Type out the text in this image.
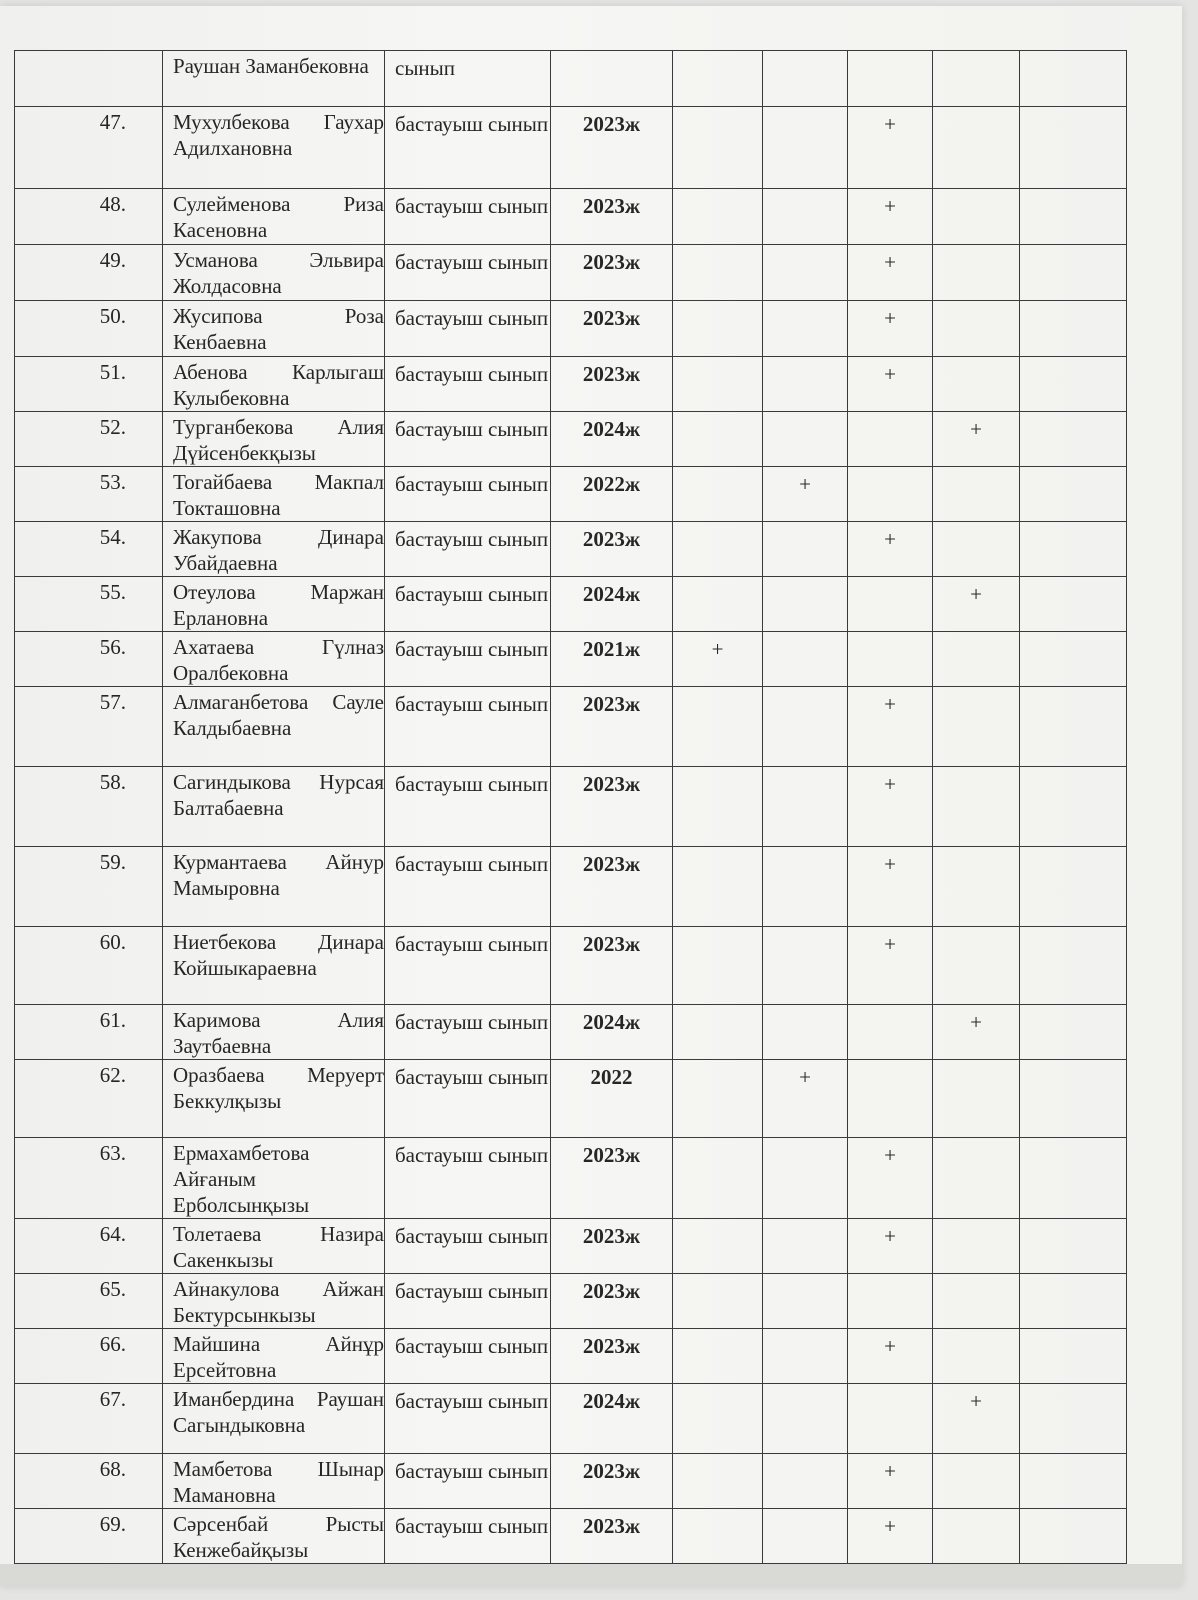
	Раушан Заманбековна	сынып						
47.	Мухулбекова Гаухар Адилхановна	бастауыш сынып	2023ж			+		
48.	Сулейменова Риза Касеновна	бастауыш сынып	2023ж			+		
49.	Усманова Эльвира Жолдасовна	бастауыш сынып	2023ж			+		
50.	Жусипова Роза Кенбаевна	бастауыш сынып	2023ж			+		
51.	Абенова Карлыгаш Кулыбековна	бастауыш сынып	2023ж			+		
52.	Турганбекова Алия Дүйсенбекқызы	бастауыш сынып	2024ж				+	
53.	Тогайбаева Макпал Токташовна	бастауыш сынып	2022ж		+			
54.	Жакупова Динара Убайдаевна	бастауыш сынып	2023ж			+		
55.	Отеулова Маржан Ерлановна	бастауыш сынып	2024ж				+	
56.	Ахатаева Гүлназ Оралбековна	бастауыш сынып	2021ж	+				
57.	Алмаганбетова Сауле Калдыбаевна	бастауыш сынып	2023ж			+		
58.	Сагиндыкова Нурсая Балтабаевна	бастауыш сынып	2023ж			+		
59.	Курмантаева Айнур Мамыровна	бастауыш сынып	2023ж			+		
60.	Ниетбекова Динара Койшыкараевна	бастауыш сынып	2023ж			+		
61.	Каримова Алия Заутбаевна	бастауыш сынып	2024ж				+	
62.	Оразбаева Меруерт Беккулқызы	бастауыш сынып	2022		+			
63.	Ермахамбетова Айғаным Ерболсынқызы	бастауыш сынып	2023ж			+		
64.	Толетаева Назира Сакенкызы	бастауыш сынып	2023ж			+		
65.	Айнакулова Айжан Бектурсынкызы	бастауыш сынып	2023ж					
66.	Майшина Айнұр Ерсейтовна	бастауыш сынып	2023ж			+		
67.	Иманбердина Раушан Сагындыковна	бастауыш сынып	2024ж				+	
68.	Мамбетова Шынар Мамановна	бастауыш сынып	2023ж			+		
69.	Сәрсенбай Рысты Кенжебайқызы	бастауыш сынып	2023ж			+		
